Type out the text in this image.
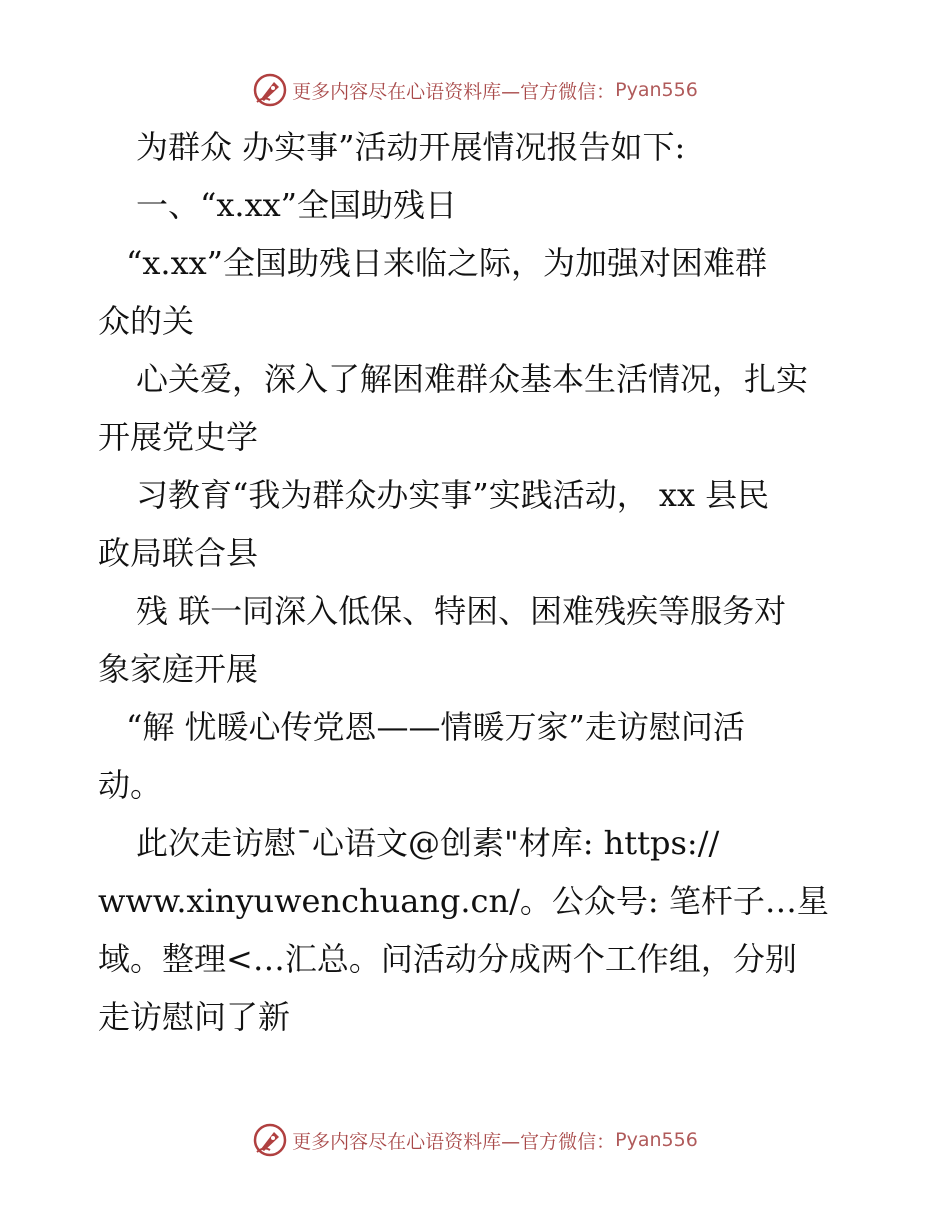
更多内容尽在心语资料库—官方微信： Pyan556
为群众 办实事”活动开展情况报告如下:
一、“x.xx”全国助残日
“x.xx”全国助残日来临之际，为加强对困难群
众的关
心关爱，深入了解困难群众基本生活情况，扎实
开展党史学
习教育“我为群众办实事”实践活动， xx 县民
政局联合县
残 联一同深入低保、特困、困难残疾等服务对
象家庭开展
“解 忧暖心传党恩——情暖万家”走访慰问活
动。
此次走访慰¯心语文@创素"材库: https://
www.xinyuwenchuang.cn/。公众号: 笔杆子…星
域。整理<…汇总。问活动分成两个工作组，分别
走访慰问了新
更多内容尽在心语资料库—官方微信： Pyan556
